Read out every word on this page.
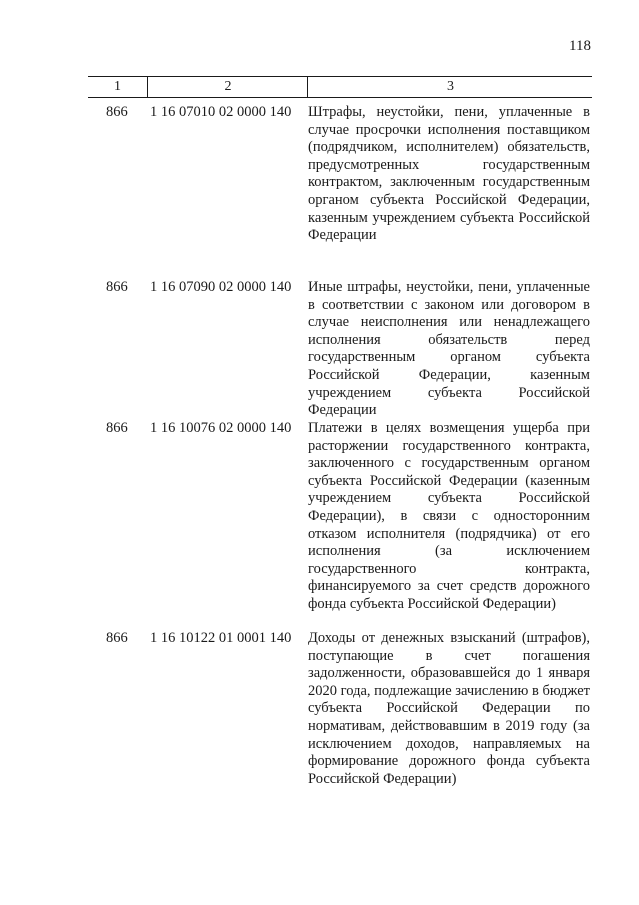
118
1	2	3
866 1 16 07010 02 0000 140 Штрафы, неустойки, пени, уплаченные в случае просрочки исполнения поставщиком (подрядчиком, исполнителем) обязательств, предусмотренных государственным контрактом, заключенным государственным органом субъекта Российской Федерации, казенным учреждением субъекта Российской Федерации
866 1 16 07090 02 0000 140 Иные штрафы, неустойки, пени, уплаченные в соответствии с законом или договором в случае неисполнения или ненадлежащего исполнения обязательств перед государственным органом субъекта Российской Федерации, казенным учреждением субъекта Российской Федерации
866 1 16 10076 02 0000 140 Платежи в целях возмещения ущерба при расторжении государственного контракта, заключенного с государственным органом субъекта Российской Федерации (казенным учреждением субъекта Российской Федерации), в связи с односторонним отказом исполнителя (подрядчика) от его исполнения (за исключением государственного контракта, финансируемого за счет средств дорожного фонда субъекта Российской Федерации)
866 1 16 10122 01 0001 140 Доходы от денежных взысканий (штрафов), поступающие в счет погашения задолженности, образовавшейся до 1 января 2020 года, подлежащие зачислению в бюджет субъекта Российской Федерации по нормативам, действовавшим в 2019 году (за исключением доходов, направляемых на формирование дорожного фонда субъекта Российской Федерации)
